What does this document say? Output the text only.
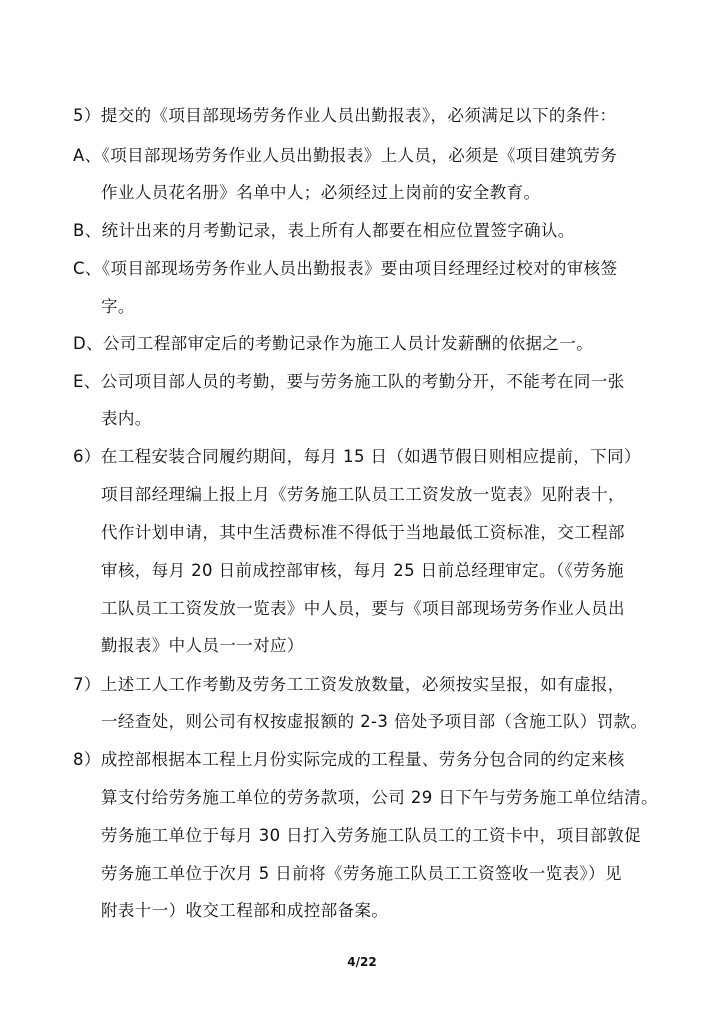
5）提交的《项目部现场劳务作业人员出勤报表》，必须满足以下的条件：
A、《项目部现场劳务作业人员出勤报表》上人员，必须是《项目建筑劳务
作业人员花名册》名单中人；必须经过上岗前的安全教育。
B、统计出来的月考勤记录，表上所有人都要在相应位置签字确认。
C、《项目部现场劳务作业人员出勤报表》要由项目经理经过校对的审核签
字。
D、公司工程部审定后的考勤记录作为施工人员计发薪酬的依据之一。
E、公司项目部人员的考勤，要与劳务施工队的考勤分开，不能考在同一张
表内。
6）在工程安装合同履约期间，每月 15 日（如遇节假日则相应提前，下同）
项目部经理编上报上月《劳务施工队员工工资发放一览表》见附表十，
代作计划申请，其中生活费标准不得低于当地最低工资标准，交工程部
审核，每月 20 日前成控部审核，每月 25 日前总经理审定。（《劳务施
工队员工工资发放一览表》中人员，要与《项目部现场劳务作业人员出
勤报表》中人员一一对应）
7）上述工人工作考勤及劳务工工资发放数量，必须按实呈报，如有虚报，
一经查处，则公司有权按虚报额的 2-3 倍处予项目部（含施工队）罚款。
8）成控部根据本工程上月份实际完成的工程量、劳务分包合同的约定来核
算支付给劳务施工单位的劳务款项，公司 29 日下午与劳务施工单位结清。
劳务施工单位于每月 30 日打入劳务施工队员工的工资卡中，项目部敦促
劳务施工单位于次月 5 日前将《劳务施工队员工工资签收一览表》）见
附表十一）收交工程部和成控部备案。
4/22
